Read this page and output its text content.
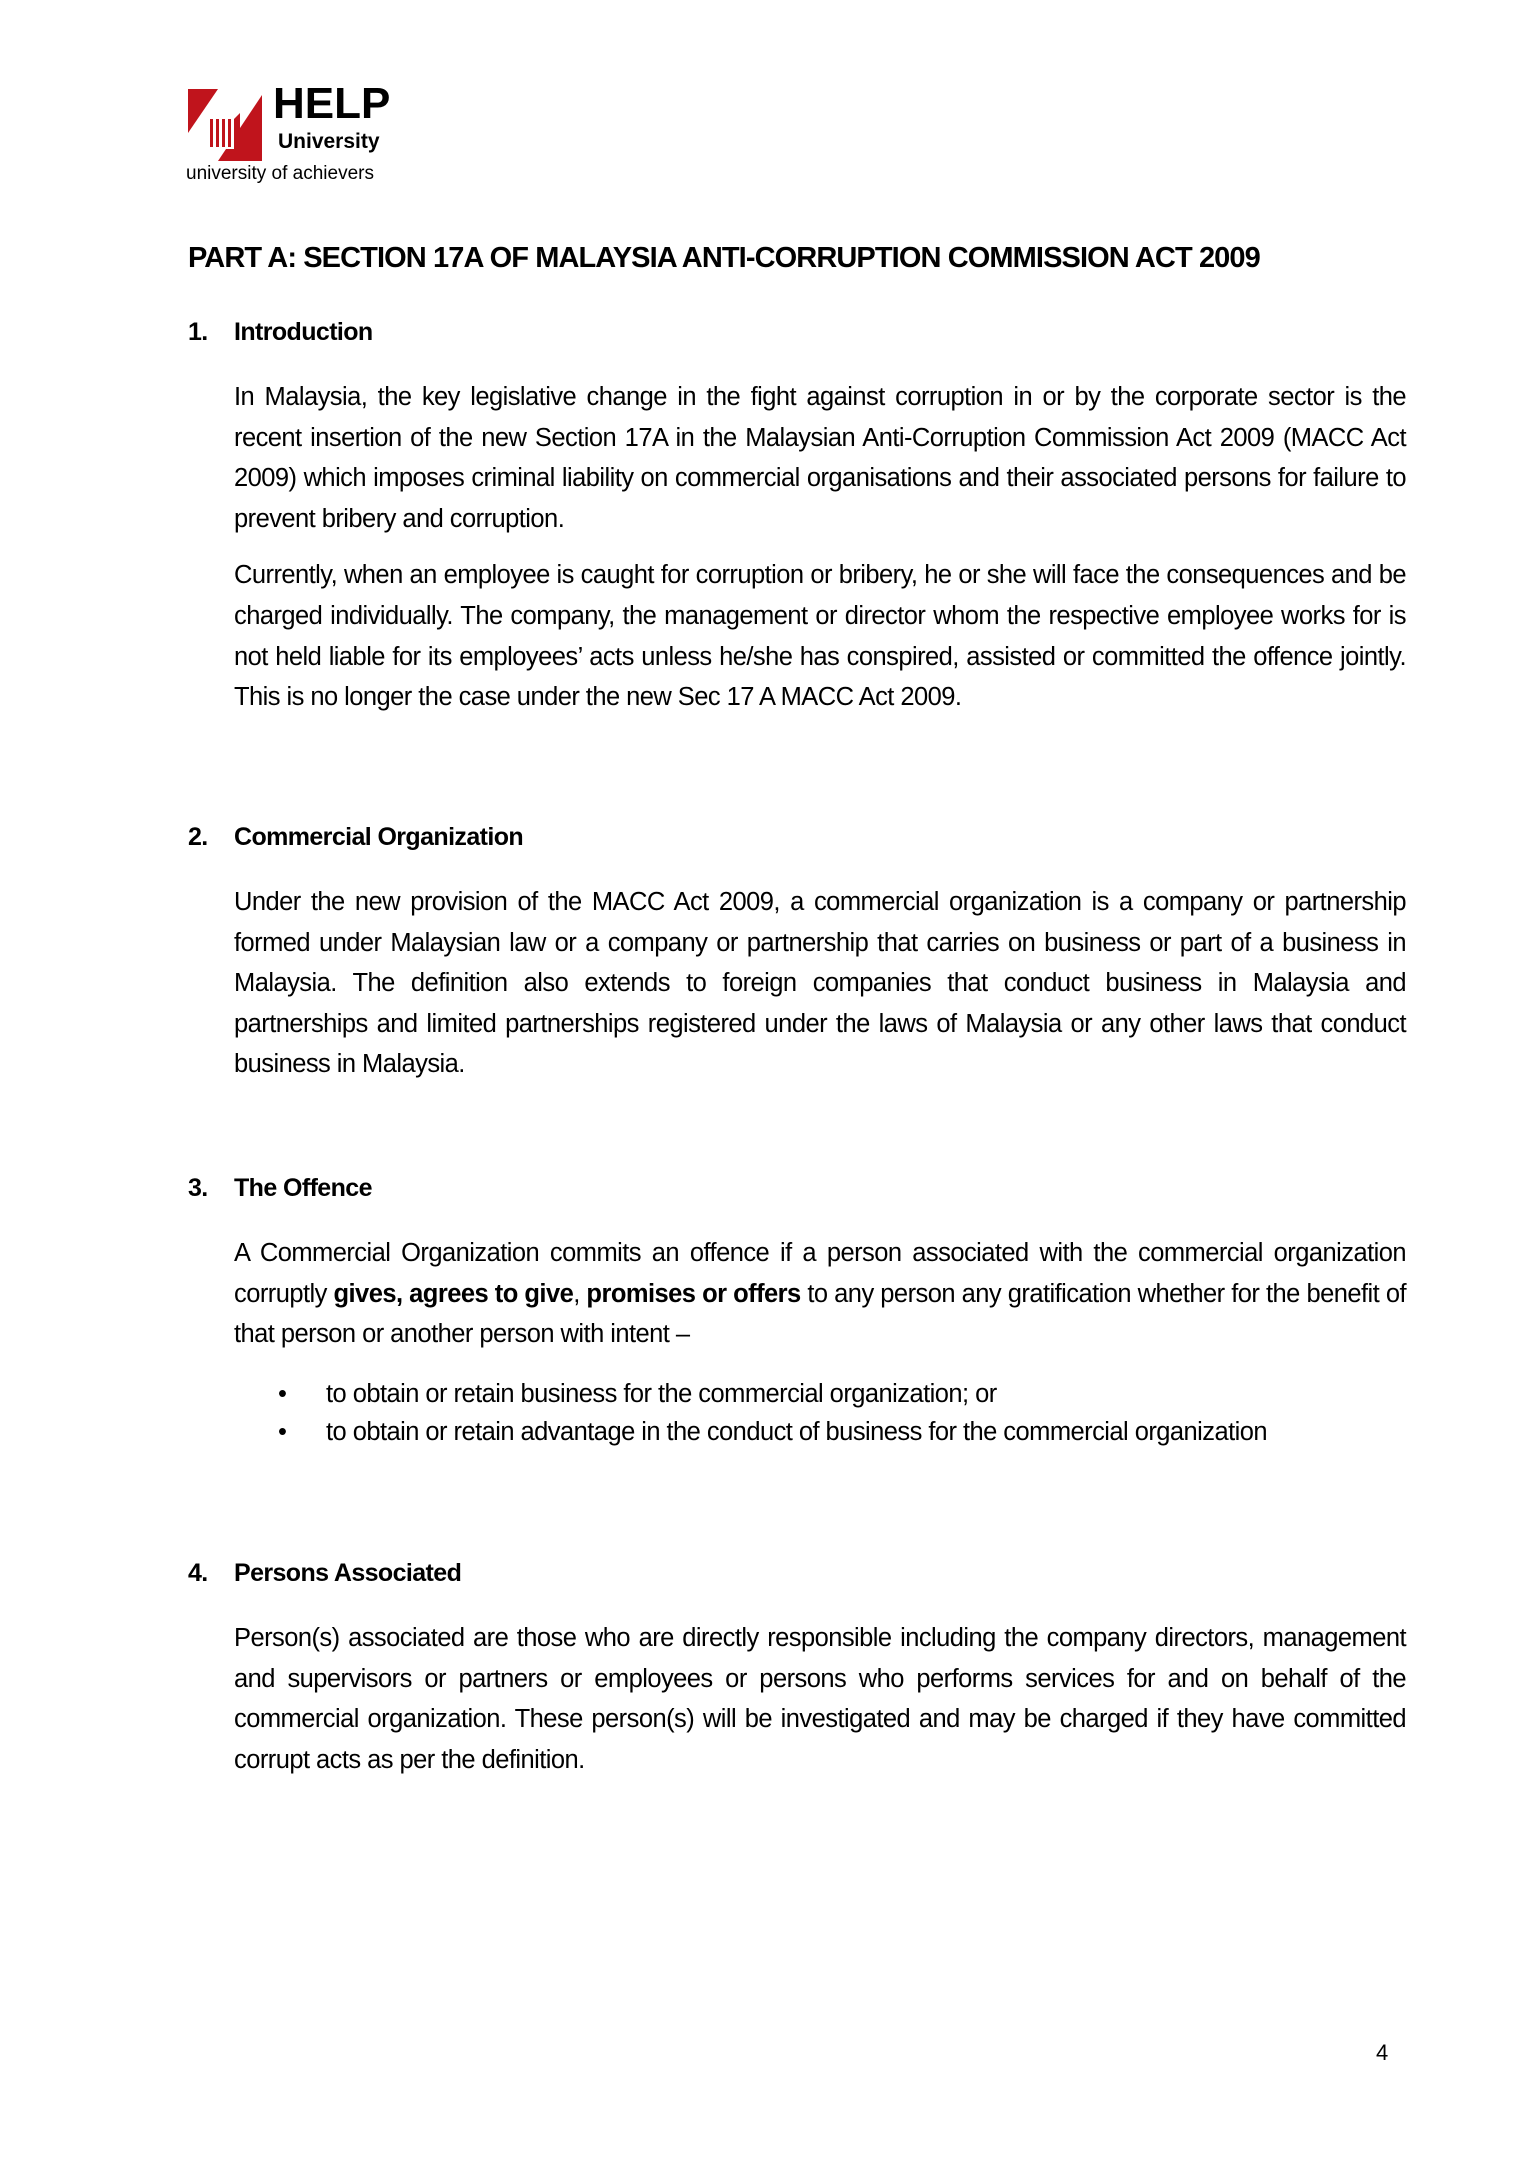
HELP
University
university of achievers
PART A: SECTION 17A OF MALAYSIA ANTI-CORRUPTION COMMISSION ACT 2009
1.	Introduction

In Malaysia, the key legislative change in the fight against corruption in or by the corporate sector is the recent insertion of the new Section 17A in the Malaysian Anti-Corruption Commission Act 2009 (MACC Act 2009) which imposes criminal liability on commercial organisations and their associated persons for failure to prevent bribery and corruption.

Currently, when an employee is caught for corruption or bribery, he or she will face the consequences and be charged individually. The company, the management or director whom the respective employee works for is not held liable for its employees’ acts unless he/she has conspired, assisted or committed the offence jointly. This is no longer the case under the new Sec 17 A MACC Act 2009.

2.	Commercial Organization

Under the new provision of the MACC Act 2009, a commercial organization is a company or partnership formed under Malaysian law or a company or partnership that carries on business or part of a business in Malaysia. The definition also extends to foreign companies that conduct business in Malaysia and partnerships and limited partnerships registered under the laws of Malaysia or any other laws that conduct business in Malaysia.

3.	The Offence

A Commercial Organization commits an offence if a person associated with the commercial organization corruptly gives, agrees to give, promises or offers to any person any gratification whether for the benefit of that person or another person with intent –

• to obtain or retain business for the commercial organization; or
• to obtain or retain advantage in the conduct of business for the commercial organization
4.	Persons Associated

Person(s) associated are those who are directly responsible including the company directors, management and supervisors or partners or employees or persons who performs services for and on behalf of the commercial organization. These person(s) will be investigated and may be charged if they have committed corrupt acts as per the definition.

4
